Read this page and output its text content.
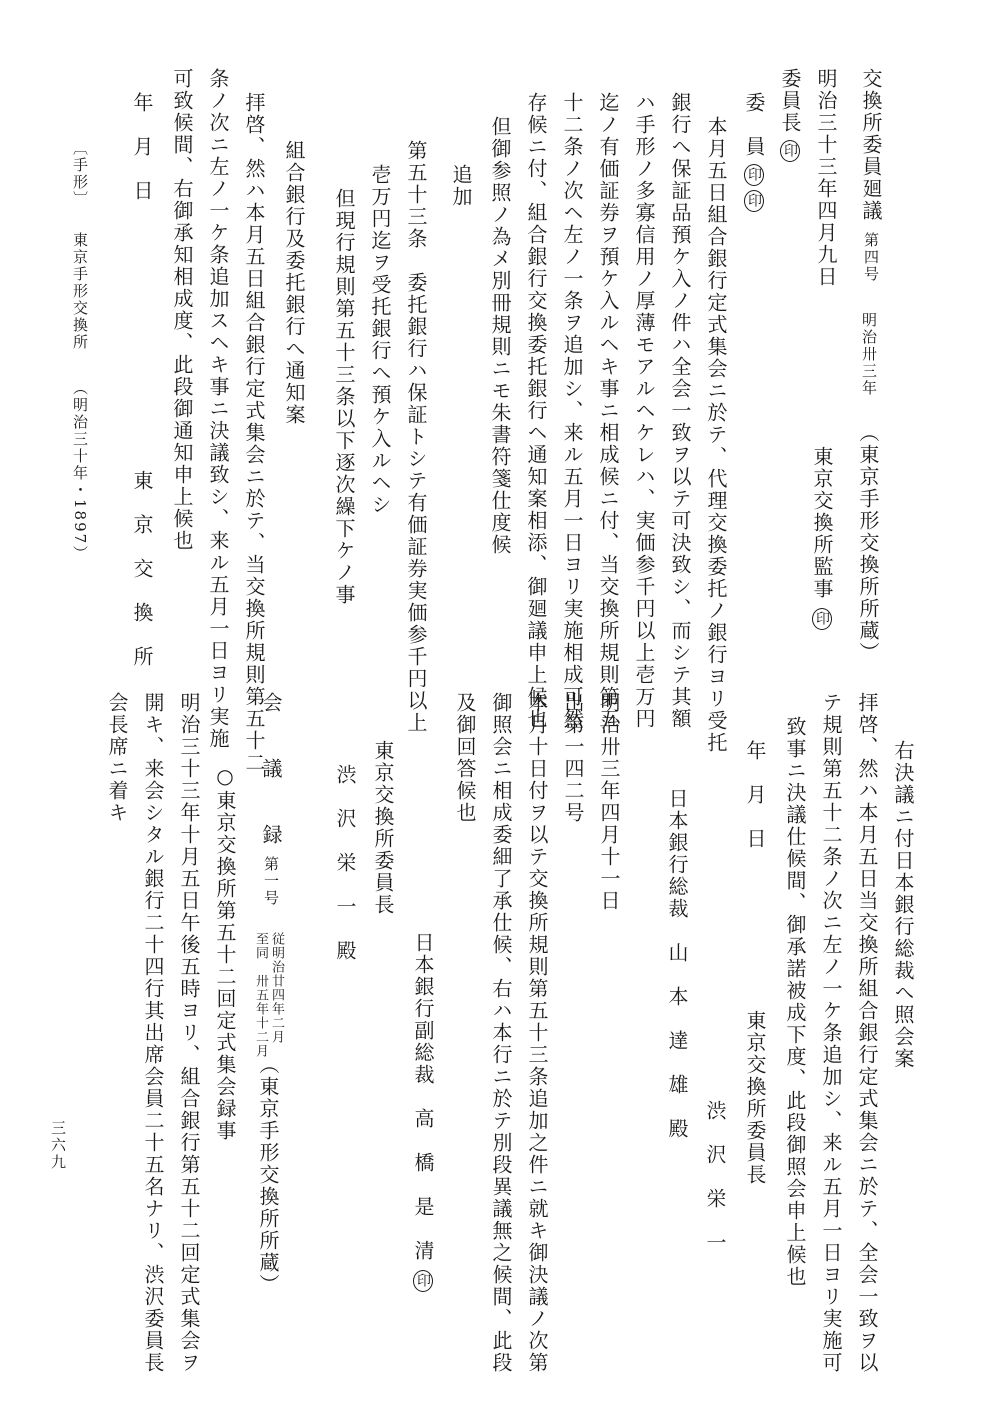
交換所委員廻議第四号
明治卅三年
（東京手形交換所所蔵）
明治三十三年四月九日
東京交換所監事印
委員長印
委　員印印
本月五日組合銀行定式集会ニ於テ、代理交換委托ノ銀行ヨリ受托
銀行へ保証品預ケ入ノ件ハ全会一致ヲ以テ可決致シ、而シテ其額
ハ手形ノ多寡信用ノ厚薄モアルヘケレハ、実価参千円以上壱万円
迄ノ有価証券ヲ預ケ入ルヘキ事ニ相成候ニ付、当交換所規則第五
十二条ノ次ヘ左ノ一条ヲ追加シ、来ル五月一日ヨリ実施相成可然
存候ニ付、組合銀行交換委托銀行ヘ通知案相添、御廻議申上候也
但御参照ノ為メ別冊規則ニモ朱書符箋仕度候
追加
第五十三条　委托銀行ハ保証トシテ有価証券実価参千円以上
壱万円迄ヲ受托銀行へ預ケ入ルヘシ
但現行規則第五十三条以下逐次繰下ケノ事
組合銀行及委托銀行へ通知案
拝啓、然ハ本月五日組合銀行定式集会ニ於テ、当交換所規則第五十二
条ノ次ニ左ノ一ケ条追加スヘキ事ニ決議致シ、来ル五月一日ヨリ実施
可致候間、右御承知相成度、此段御通知申上候也
年　月　日
東　京　交　換　所
〔手形〕
東京手形交換所
（明治三十年・1897）
右決議ニ付日本銀行総裁へ照会案
拝啓、然ハ本月五日当交換所組合銀行定式集会ニ於テ、全会一致ヲ以
テ規則第五十二条ノ次ニ左ノ一ケ条追加シ、来ル五月一日ヨリ実施可
致事ニ決議仕候間、御承諾被成下度、此段御照会申上候也
年　月　日
東京交換所委員長
渋　沢　栄　一
日本銀行総裁　山　本　達　雄　殿
明治卅三年四月十一日
出第一四二号
本月十日付ヲ以テ交換所規則第五十三条追加之件ニ就キ御決議ノ次第
御照会ニ相成委細了承仕候、右ハ本行ニ於テ別段異議無之候間、此段
及御回答候也
日本銀行副総裁　高　橋　是　清印
東京交換所委員長
渋　沢　栄　一　殿
会　　議　　録第一号
従明治廿四年二月
至同　卅五年十二月
（東京手形交換所所蔵）
○東京交換所第五十二回定式集会録事
明治三十三年十月五日午後五時ヨリ、組合銀行第五十二回定式集会ヲ
開キ、来会シタル銀行二十四行其出席会員二十五名ナリ、渋沢委員長
会長席ニ着キ
三六九
